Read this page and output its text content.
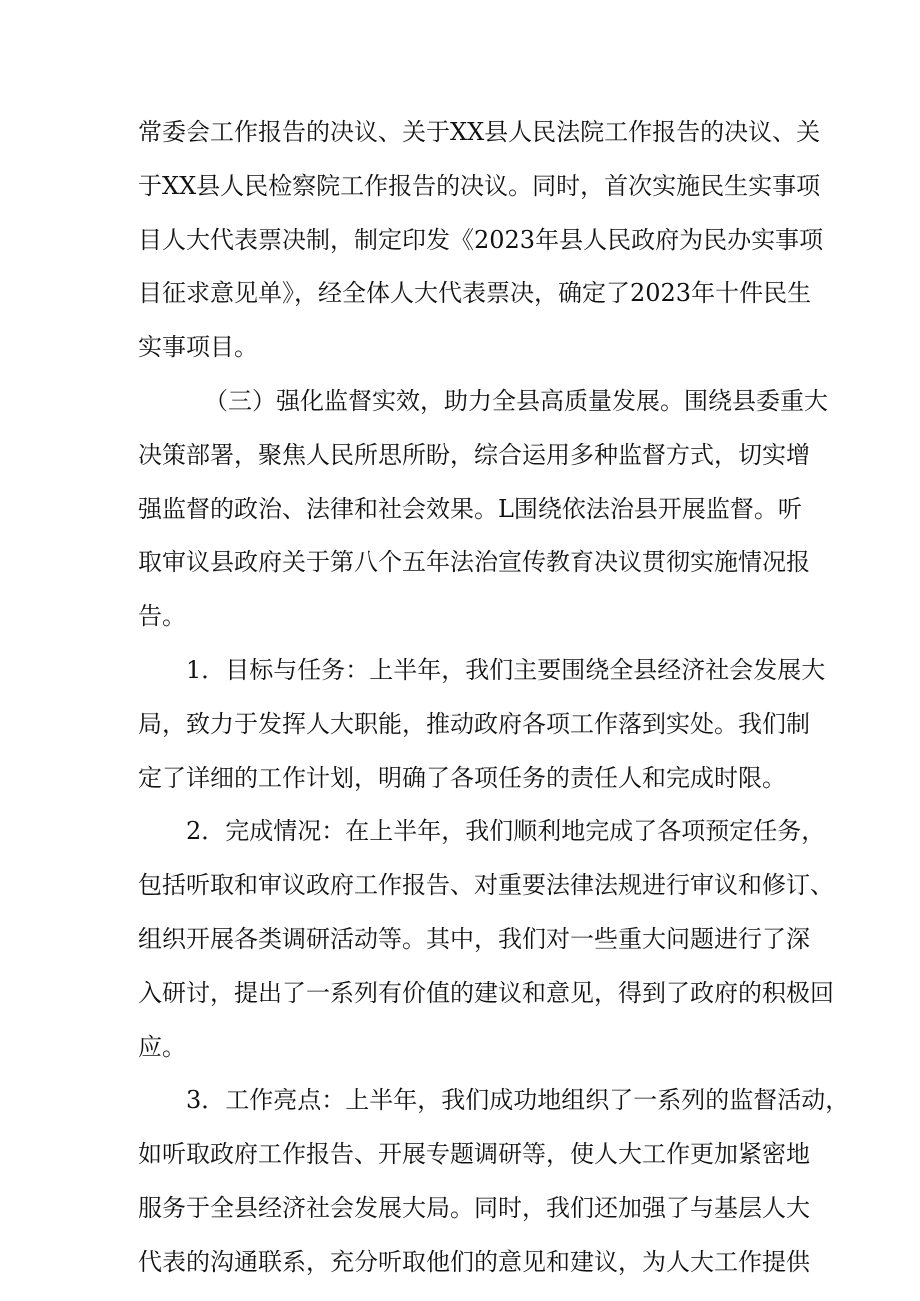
常委会工作报告的决议、关于XX县人民法院工作报告的决议、关
于XX县人民检察院工作报告的决议。同时，首次实施民生实事项
目人大代表票决制，制定印发《2023年县人民政府为民办实事项
目征求意见单》，经全体人大代表票决，确定了2023年十件民生
实事项目。
（三）强化监督实效，助力全县高质量发展。围绕县委重大
决策部署，聚焦人民所思所盼，综合运用多种监督方式，切实增
强监督的政治、法律和社会效果。L围绕依法治县开展监督。听
取审议县政府关于第八个五年法治宣传教育决议贯彻实施情况报
告。
1．目标与任务：上半年，我们主要围绕全县经济社会发展大
局，致力于发挥人大职能，推动政府各项工作落到实处。我们制
定了详细的工作计划，明确了各项任务的责任人和完成时限。
2．完成情况：在上半年，我们顺利地完成了各项预定任务，
包括听取和审议政府工作报告、对重要法律法规进行审议和修订、
组织开展各类调研活动等。其中，我们对一些重大问题进行了深
入研讨，提出了一系列有价值的建议和意见，得到了政府的积极回
应。
3．工作亮点：上半年，我们成功地组织了一系列的监督活动，
如听取政府工作报告、开展专题调研等，使人大工作更加紧密地
服务于全县经济社会发展大局。同时，我们还加强了与基层人大
代表的沟通联系，充分听取他们的意见和建议，为人大工作提供
